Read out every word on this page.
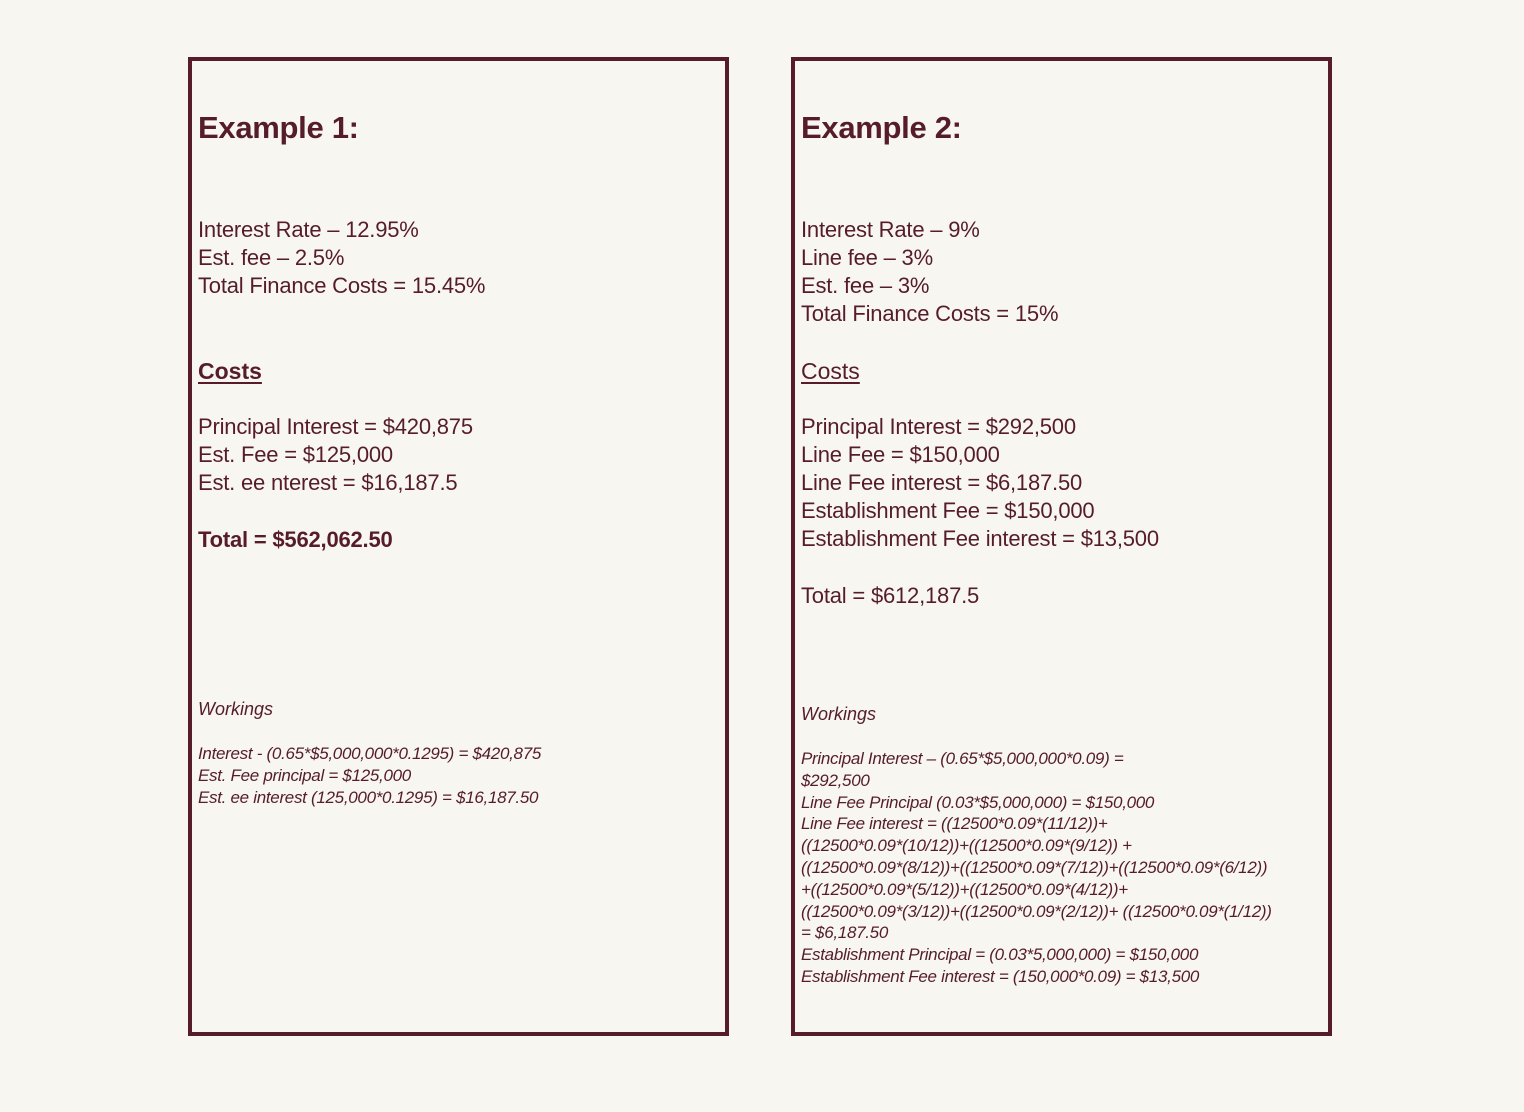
Example 1:
Interest Rate – 12.95%
Est. fee – 2.5%
Total Finance Costs = 15.45%
Costs
Principal Interest = $420,875
Est. Fee = $125,000
Est. ee nterest = $16,187.5

Total = $562,062.50

Workings

Interest - (0.65*$5,000,000*0.1295) = $420,875
Est. Fee principal = $125,000
Est. ee interest (125,000*0.1295) = $16,187.50
Example 2:
Interest Rate – 9%
Line fee – 3%
Est. fee – 3%
Total Finance Costs = 15%
Costs
Principal Interest = $292,500
Line Fee = $150,000
Line Fee interest = $6,187.50
Establishment Fee = $150,000
Establishment Fee interest = $13,500

Total = $612,187.5

Workings

Principal Interest – (0.65*$5,000,000*0.09) =
$292,500
Line Fee Principal (0.03*$5,000,000) = $150,000
Line Fee interest = ((12500*0.09*(11/12))+
((12500*0.09*(10/12))+((12500*0.09*(9/12)) +
((12500*0.09*(8/12))+((12500*0.09*(7/12))+((12500*0.09*(6/12))
+((12500*0.09*(5/12))+((12500*0.09*(4/12))+
((12500*0.09*(3/12))+((12500*0.09*(2/12))+ ((12500*0.09*(1/12))
= $6,187.50
Establishment Principal = (0.03*5,000,000) = $150,000
Establishment Fee interest = (150,000*0.09) = $13,500
